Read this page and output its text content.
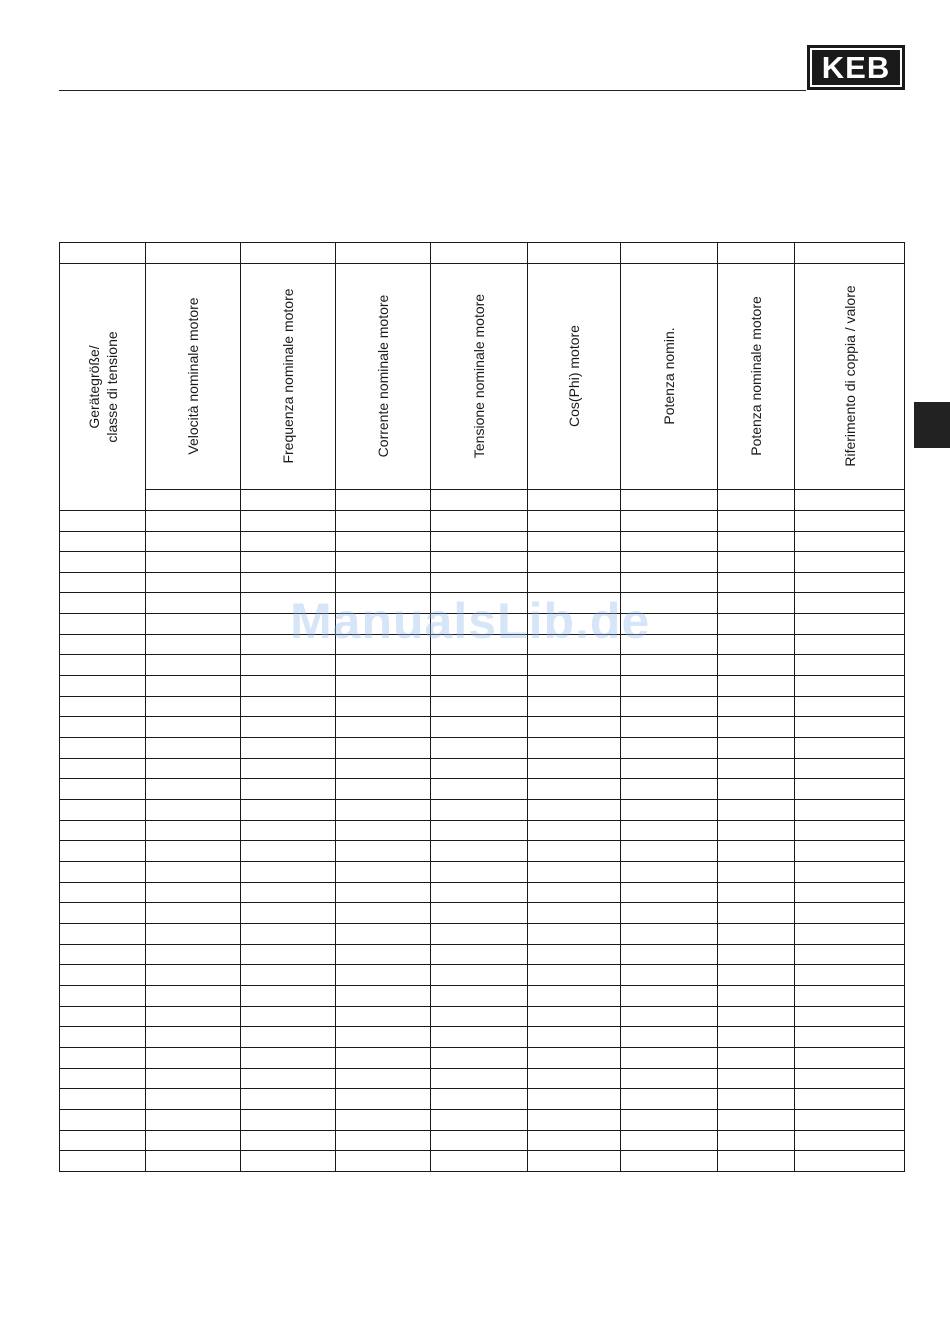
KEB

Gerätegröße/ classe di tensione	Velocità nominale motore	Frequenza nominale motore	Corrente nominale motore	Tensione nominale motore	Cos(Phi) motore	Potenza nomin.	Potenza nominale motore	Riferimento di coppia / valore

ManualsLib.de
